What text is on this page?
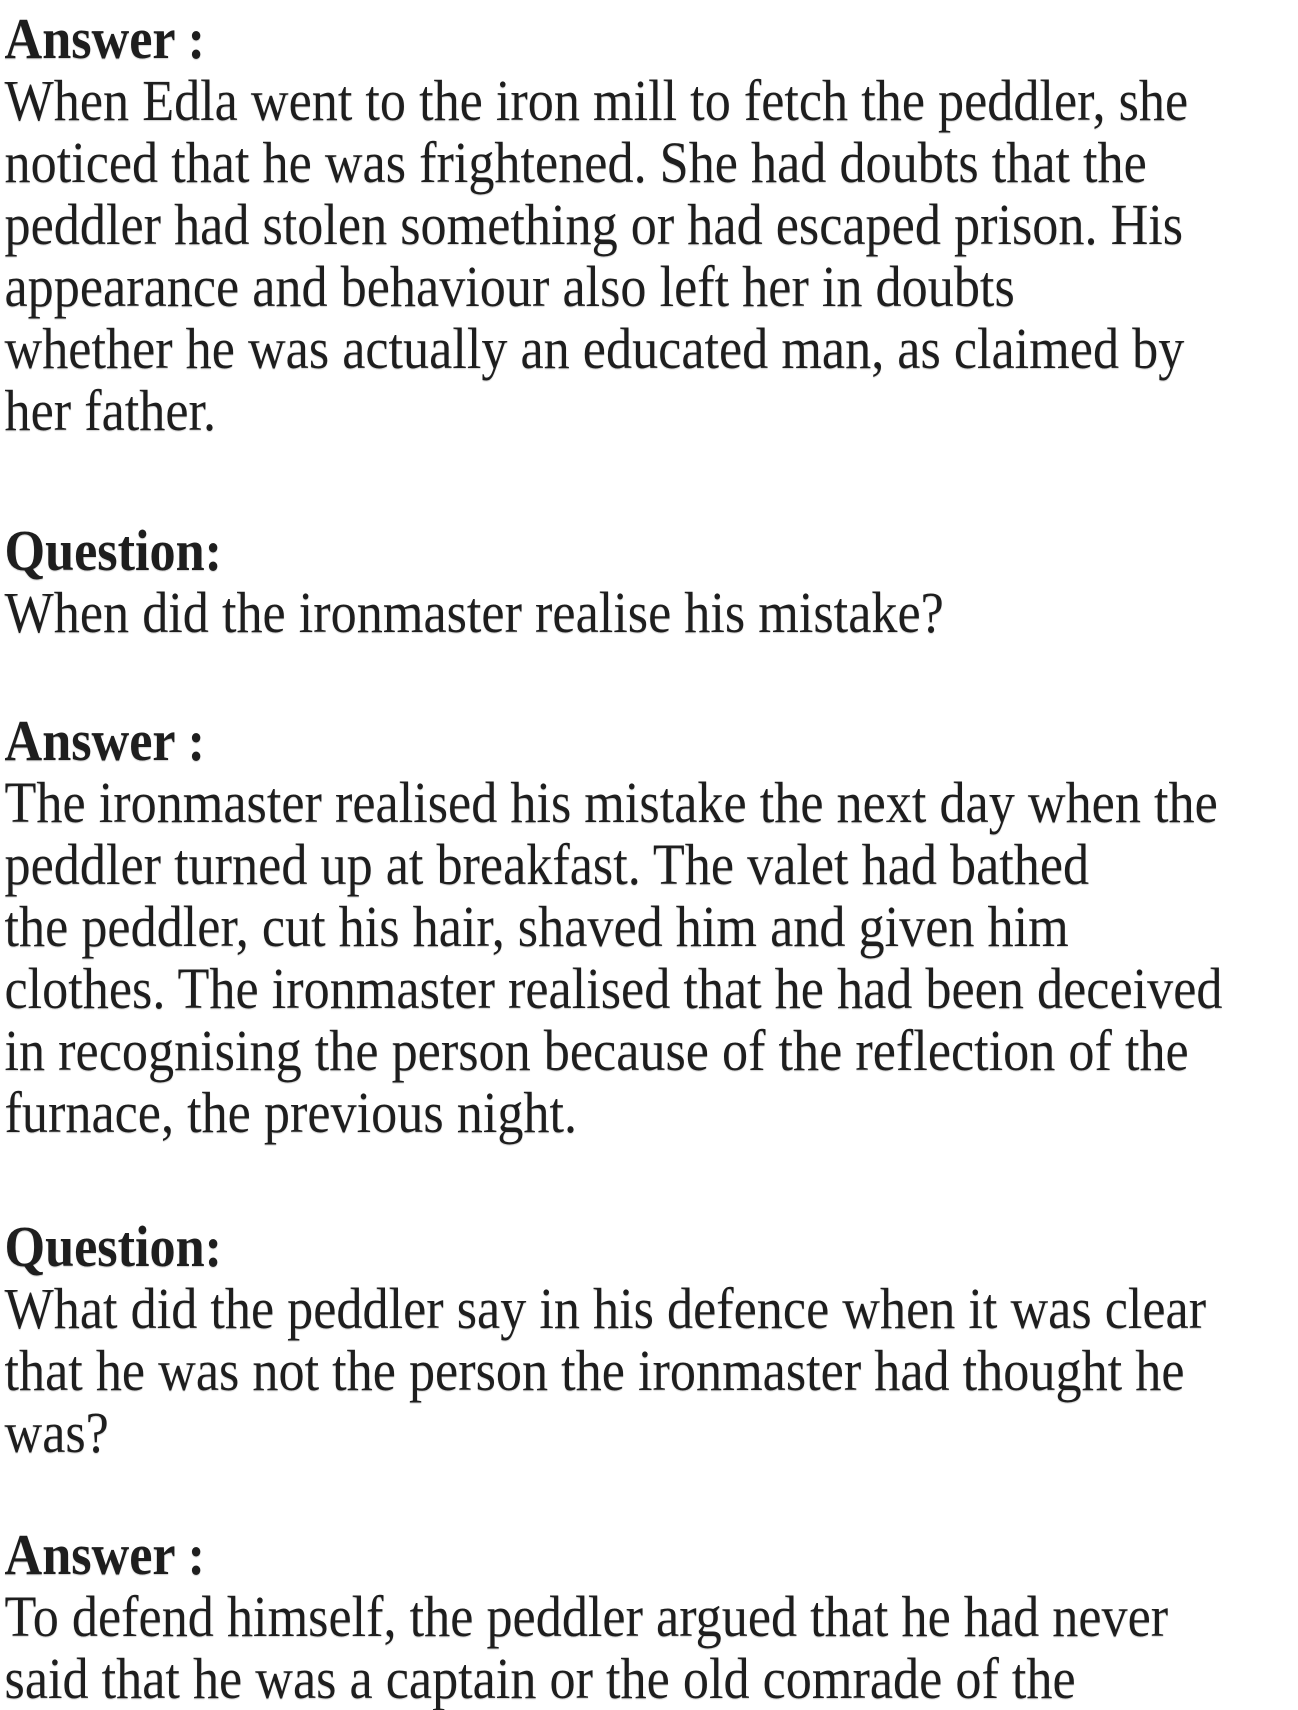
Answer :
When Edla went to the iron mill to fetch the peddler, she
noticed that he was frightened. She had doubts that the
peddler had stolen something or had escaped prison. His
appearance and behaviour also left her in doubts
whether he was actually an educated man, as claimed by
her father.
Question:
When did the ironmaster realise his mistake?
Answer :
The ironmaster realised his mistake the next day when the
peddler turned up at breakfast. The valet had bathed
the peddler, cut his hair, shaved him and given him
clothes. The ironmaster realised that he had been deceived
in recognising the person because of the reflection of the
furnace, the previous night.
Question:
What did the peddler say in his defence when it was clear
that he was not the person the ironmaster had thought he
was?
Answer :
To defend himself, the peddler argued that he had never
said that he was a captain or the old comrade of the
